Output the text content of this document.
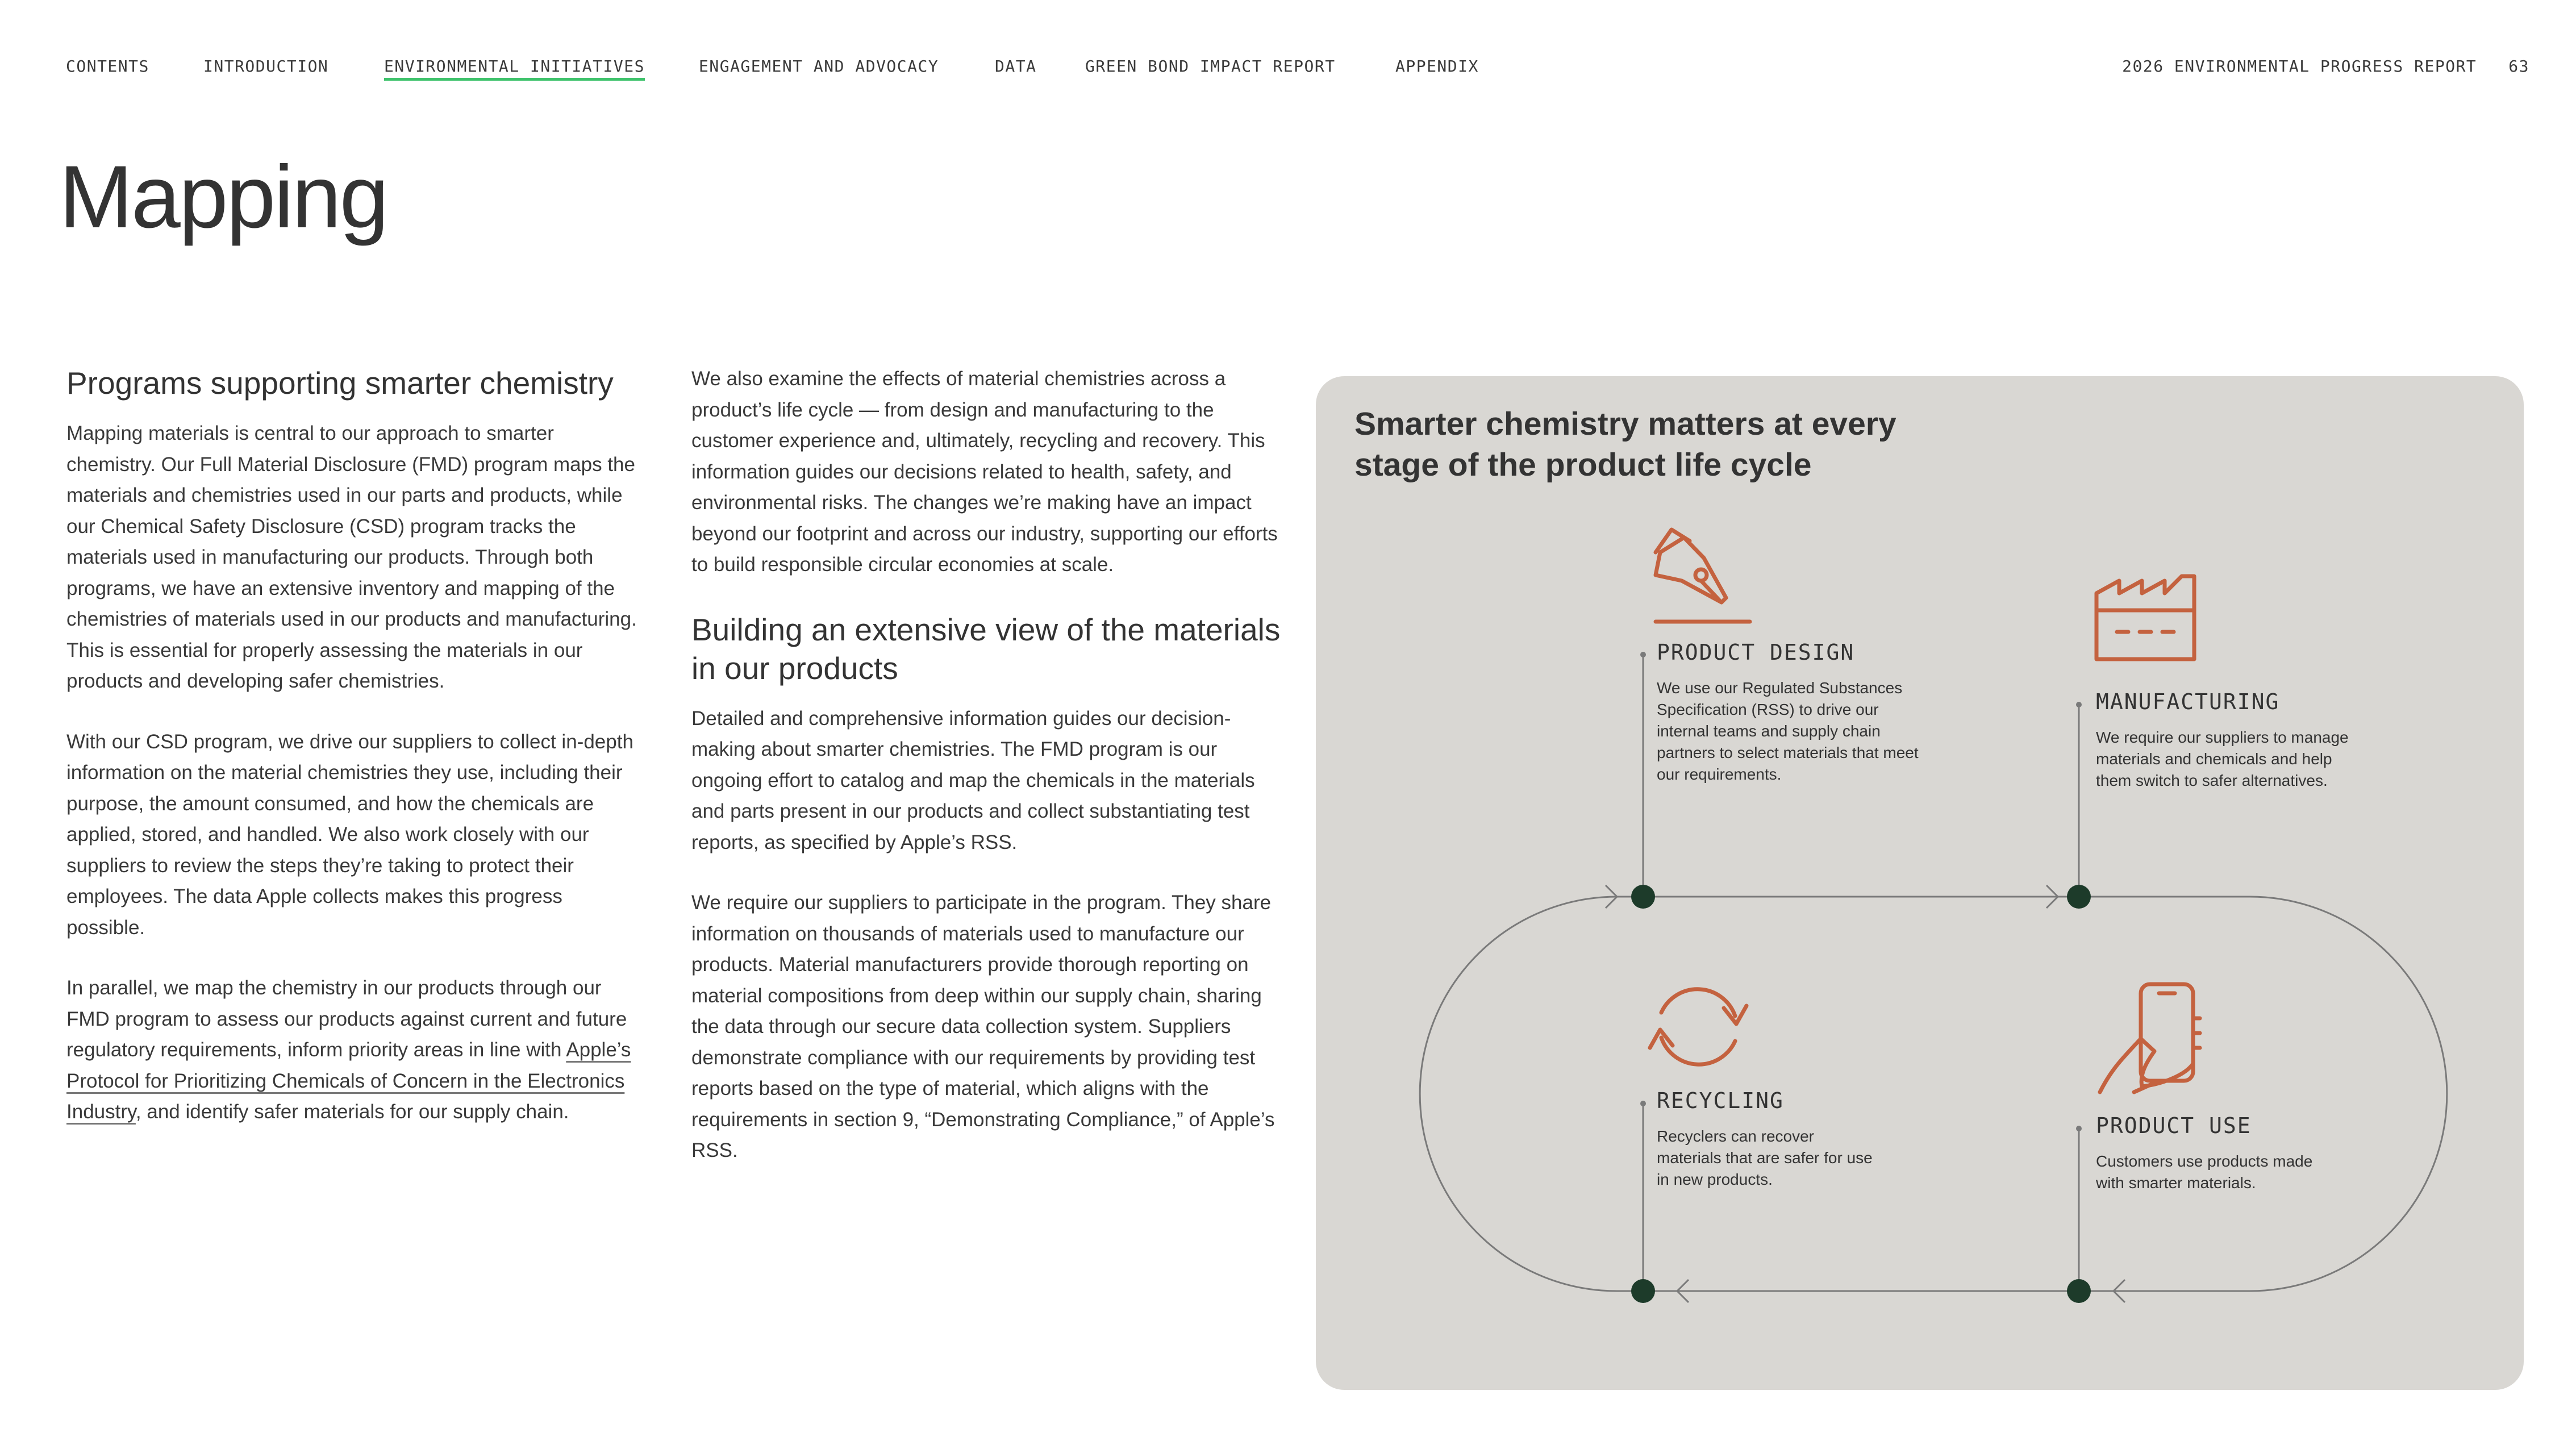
CONTENTS	INTRODUCTION	ENVIRONMENTAL INITIATIVES	ENGAGEMENT AND ADVOCACY	DATA	GREEN BOND IMPACT REPORT	APPENDIX	2026 ENVIRONMENTAL PROGRESS REPORT 63
Mapping
Programs supporting smarter chemistry

Mapping materials is central to our approach to smarter chemistry. Our Full Material Disclosure (FMD) program maps the materials and chemistries used in our parts and products, while our Chemical Safety Disclosure (CSD) program tracks the materials used in manufacturing our products. Through both programs, we have an extensive inventory and mapping of the chemistries of materials used in our products and manufacturing. This is essential for properly assessing the materials in our products and developing safer chemistries.

With our CSD program, we drive our suppliers to collect in-depth information on the material chemistries they use, including their purpose, the amount consumed, and how the chemicals are applied, stored, and handled. We also work closely with our suppliers to review the steps they’re taking to protect their employees. The data Apple collects makes this progress possible.

In parallel, we map the chemistry in our products through our FMD program to assess our products against current and future regulatory requirements, inform priority areas in line with Apple’s Protocol for Prioritizing Chemicals of Concern in the Electronics Industry, and identify safer materials for our supply chain.

We also examine the effects of material chemistries across a product’s life cycle — from design and manufacturing to the customer experience and, ultimately, recycling and recovery. This information guides our decisions related to health, safety, and environmental risks. The changes we’re making have an impact beyond our footprint and across our industry, supporting our efforts to build responsible circular economies at scale.

Building an extensive view of the materials in our products

Detailed and comprehensive information guides our decision-making about smarter chemistries. The FMD program is our ongoing effort to catalog and map the chemicals in the materials and parts present in our products and collect substantiating test reports, as specified by Apple’s RSS.

We require our suppliers to participate in the program. They share information on thousands of materials used to manufacture our products. Material manufacturers provide thorough reporting on material compositions from deep within our supply chain, sharing the data through our secure data collection system. Suppliers demonstrate compliance with our requirements by providing test reports based on the type of material, which aligns with the requirements in section 9, “Demonstrating Compliance,” of Apple’s RSS.

Smarter chemistry matters at every stage of the product life cycle

PRODUCT DESIGN

We use our Regulated Substances Specification (RSS) to drive our internal teams and supply chain partners to select materials that meet our requirements.

MANUFACTURING

We require our suppliers to manage materials and chemicals and help them switch to safer alternatives.

RECYCLING

Recyclers can recover materials that are safer for use in new products.

PRODUCT USE

Customers use products made with smarter materials.
